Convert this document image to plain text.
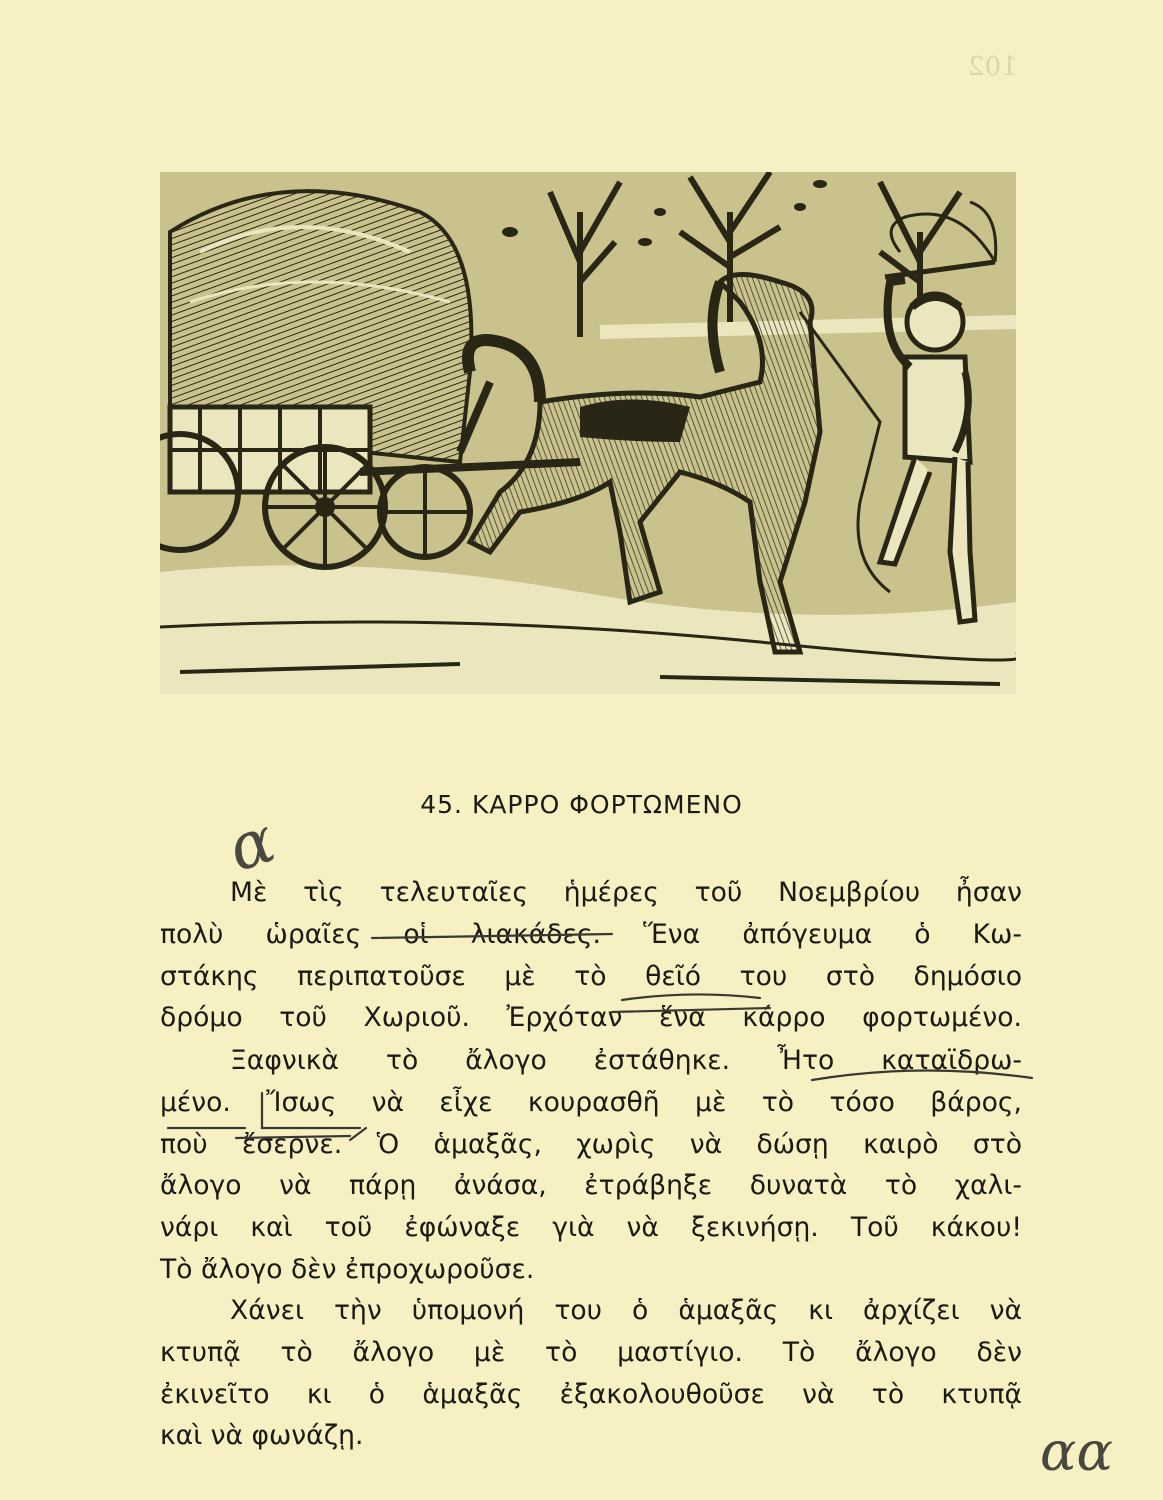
102
45. ΚΑΡΡΟ ΦΟΡΤΩΜΕΝΟ
α
αα
Μὲ τὶς τελευταῖες ἡμέρες τοῦ Νοεμβρίου ἦσαν
πολὺ ὡραῖες οἱ λιακάδες. Ἕνα ἀπόγευμα ὁ Κω-
στάκης περιπατοῦσε μὲ τὸ θεῖό του στὸ δημόσιο
δρόμο τοῦ Χωριοῦ. Ἐρχόταν ἕνα κάρρο φορτωμένο.
Ξαφνικὰ τὸ ἄλογο ἐστάθηκε. Ἦτο καταϊδρω-
μένο. Ἴσως νὰ εἶχε κουρασθῆ μὲ τὸ τόσο βάρος,
ποὺ ἔσερνε. Ὁ ἁμαξᾶς, χωρὶς νὰ δώσῃ καιρὸ στὸ
ἄλογο νὰ πάρῃ ἀνάσα, ἐτράβηξε δυνατὰ τὸ χαλι-
νάρι καὶ τοῦ ἐφώναξε γιὰ νὰ ξεκινήσῃ. Τοῦ κάκου!
Τὸ ἄλογο δὲν ἐπροχωροῦσε.
Χάνει τὴν ὑπομονή του ὁ ἁμαξᾶς κι ἀρχίζει νὰ
κτυπᾷ τὸ ἄλογο μὲ τὸ μαστίγιο. Τὸ ἄλογο δὲν
ἐκινεῖτο κι ὁ ἁμαξᾶς ἐξακολουθοῦσε νὰ τὸ κτυπᾷ
καὶ νὰ φωνάζῃ.
